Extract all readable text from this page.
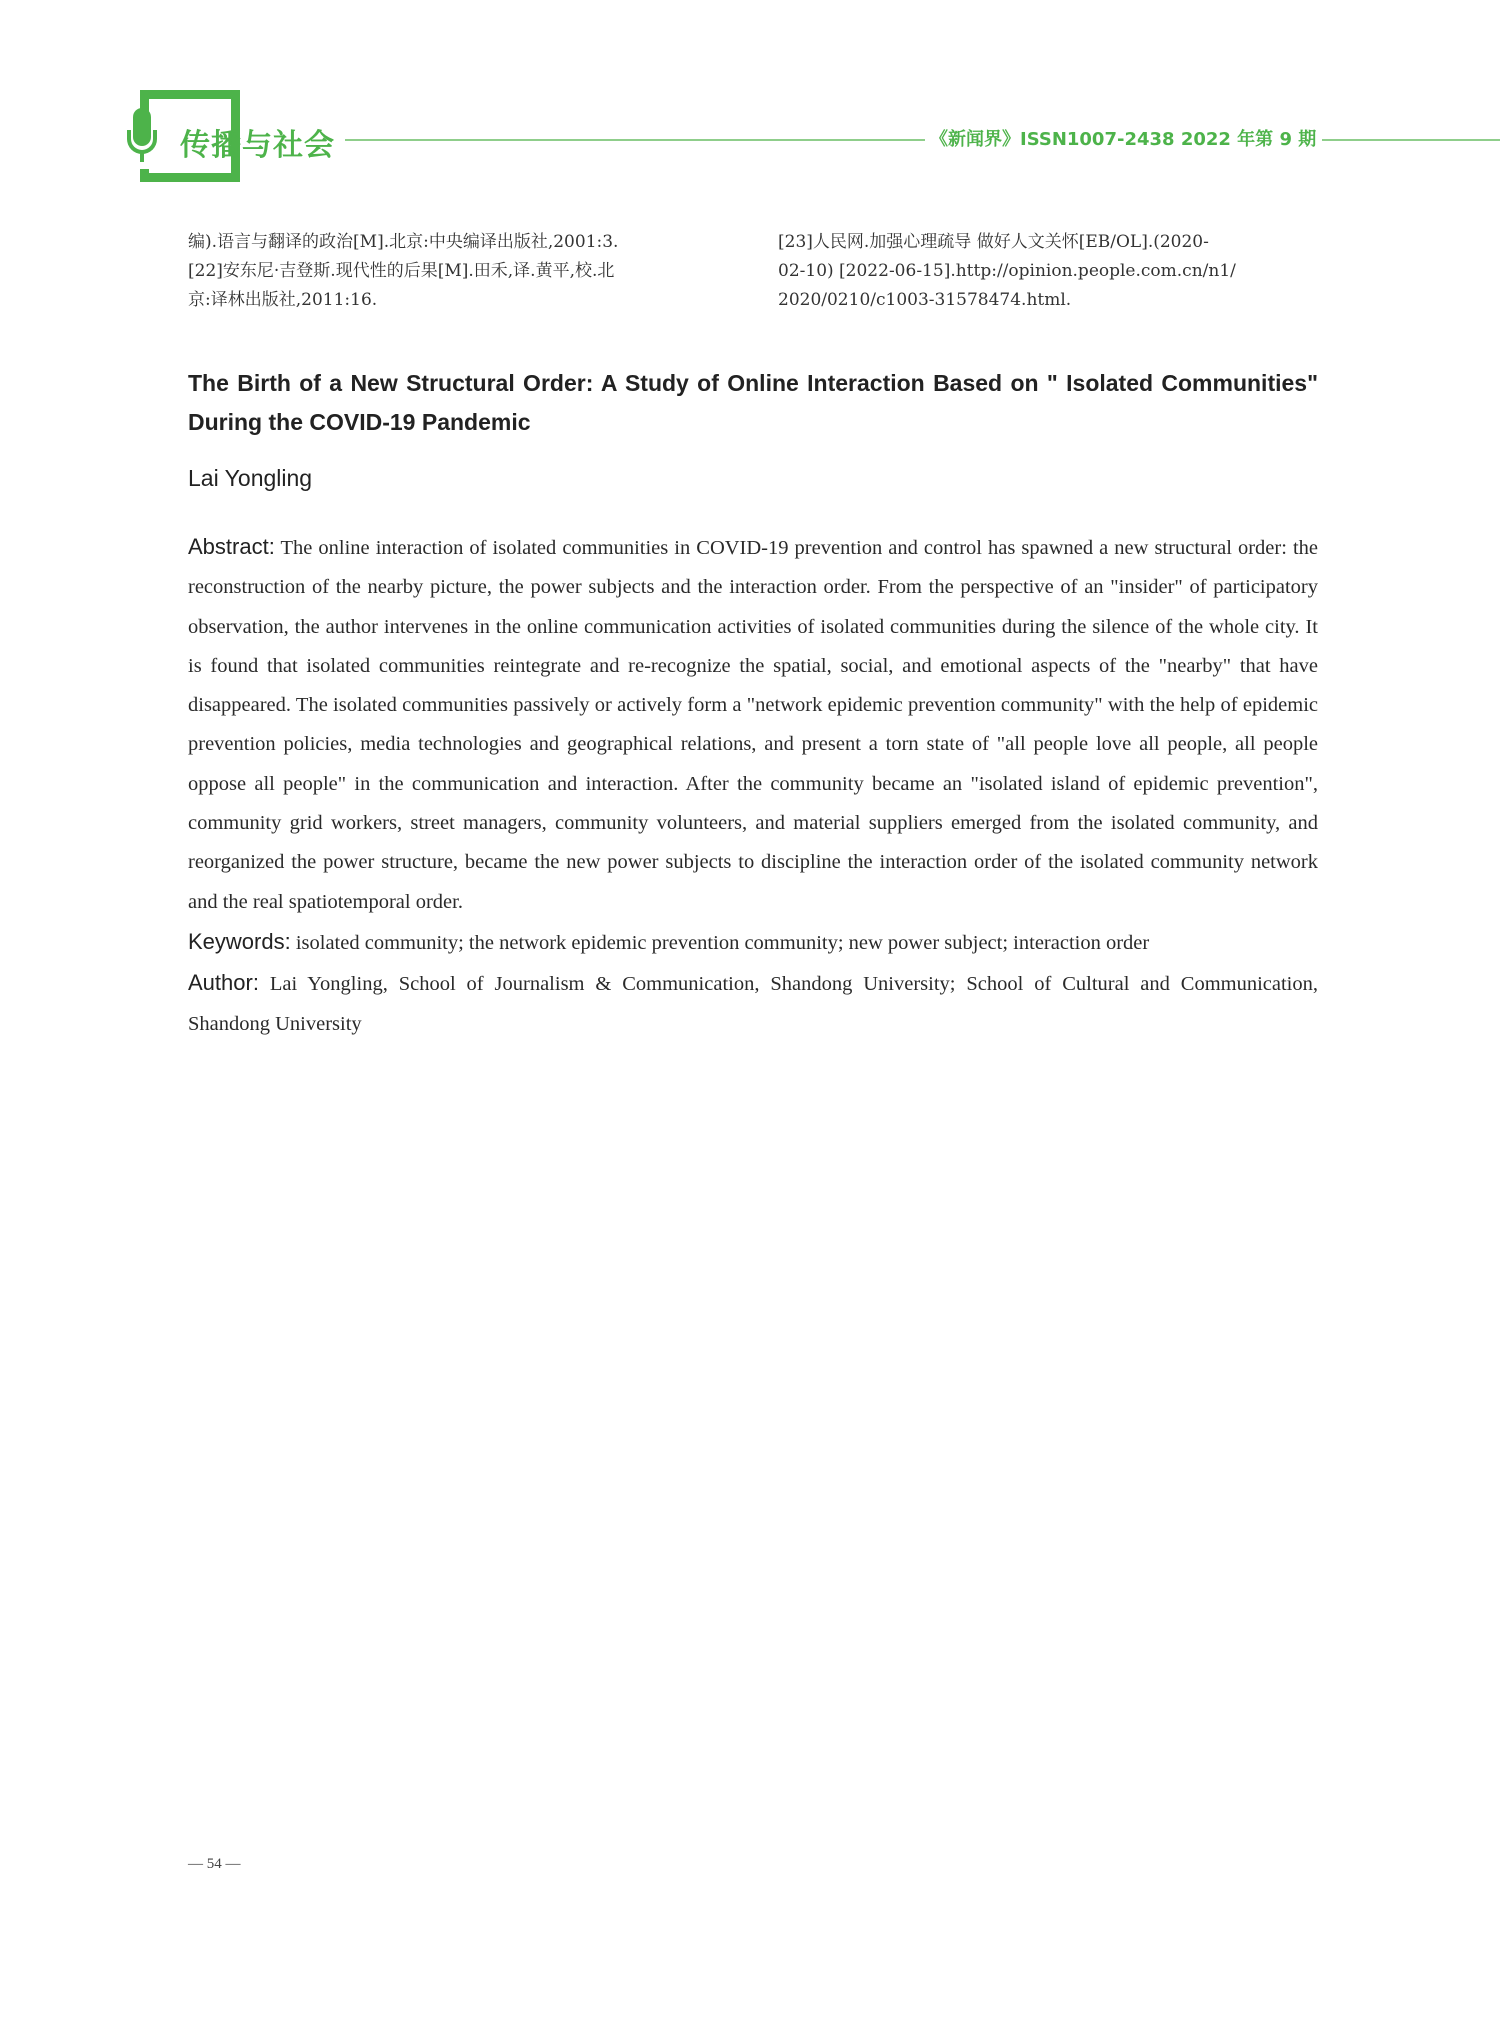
传播与社会	《新闻界》ISSN1007-2438 2022 年第 9 期
编).语言与翻译的政治[M].北京:中央编译出版社,2001:3.
[22]安东尼·吉登斯.现代性的后果[M].田禾,译.黄平,校.北
京:译林出版社,2011:16.
[23]人民网.加强心理疏导 做好人文关怀[EB/OL].(2020-
02-10) [2022-06-15].http://opinion.people.com.cn/n1/
2020/0210/c1003-31578474.html.
The Birth of a New Structural Order: A Study of Online Interaction Based on " Isolated Communities" During the COVID-19 Pandemic
Lai Yongling

Abstract: The online interaction of isolated communities in COVID-19 prevention and control has spawned a new structural order: the reconstruction of the nearby picture, the power subjects and the interaction order. From the perspective of an "insider" of participatory observation, the author intervenes in the online communication activities of isolated communities during the silence of the whole city. It is found that isolated communities reintegrate and re-recognize the spatial, social, and emotional aspects of the "nearby" that have disappeared. The isolated communities passively or actively form a "network epidemic prevention community" with the help of epidemic prevention policies, media technologies and geographical relations, and present a torn state of "all people love all people, all people oppose all people" in the communication and interaction. After the community became an "isolated island of epidemic prevention", community grid workers, street managers, community volunteers, and material suppliers emerged from the isolated community, and reorganized the power structure, became the new power subjects to discipline the interaction order of the isolated community network and the real spatiotemporal order.

Keywords: isolated community; the network epidemic prevention community; new power subject; interaction order

Author: Lai Yongling, School of Journalism & Communication, Shandong University; School of Cultural and Communication, Shandong University

— 54 —
